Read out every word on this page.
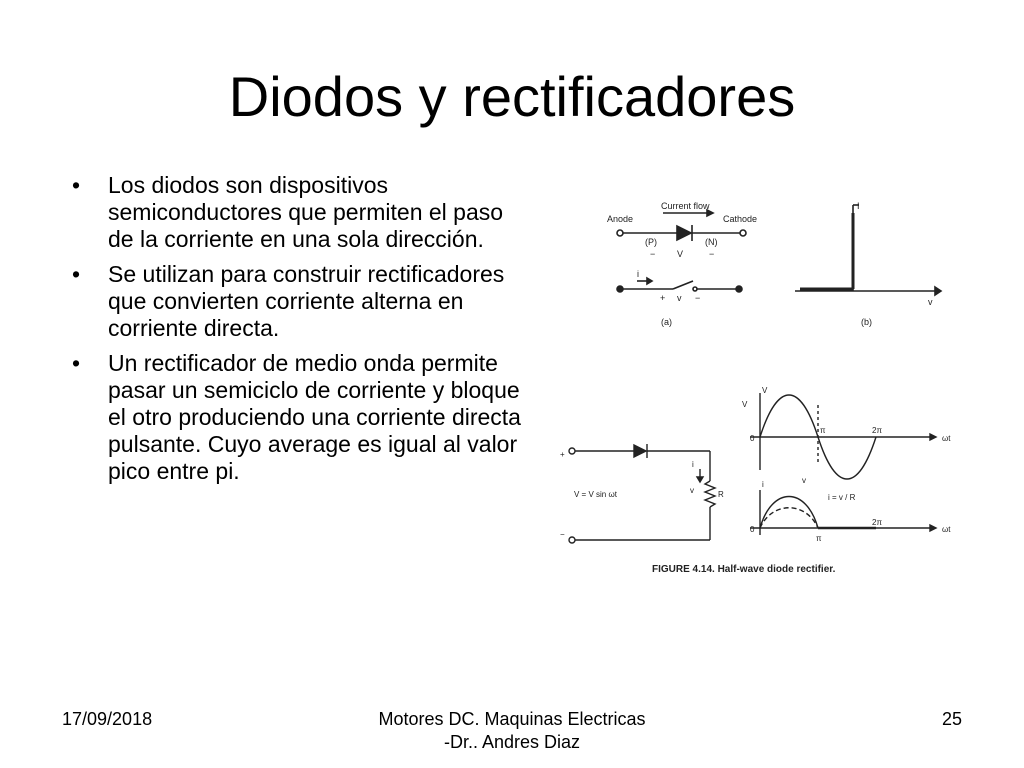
Diodos y rectificadores
• Los diodos son dispositivos semiconductores que permiten el paso de la corriente en una sola dirección.
• Se utilizan para construir rectificadores que convierten corriente alterna en corriente directa.
• Un rectificador de medio onda permite pasar un semiciclo de corriente y bloque el otro produciendo una corriente directa pulsante. Cuyo average es igual al valor pico entre pi.
Anode	Cathode
Current flow
(P)	(N)
− V	−
i
+ v −
(a)	(b)
I
v
+
−
V = V sin ωt
i
v	R
V
V
0
π	2π
ωt
v
i = v / R
i
0
π
2π
ωt
FIGURE 4.14. Half-wave diode rectifier.
17/09/2018	Motores DC. Maquinas Electricas
-Dr.. Andres Diaz
25
